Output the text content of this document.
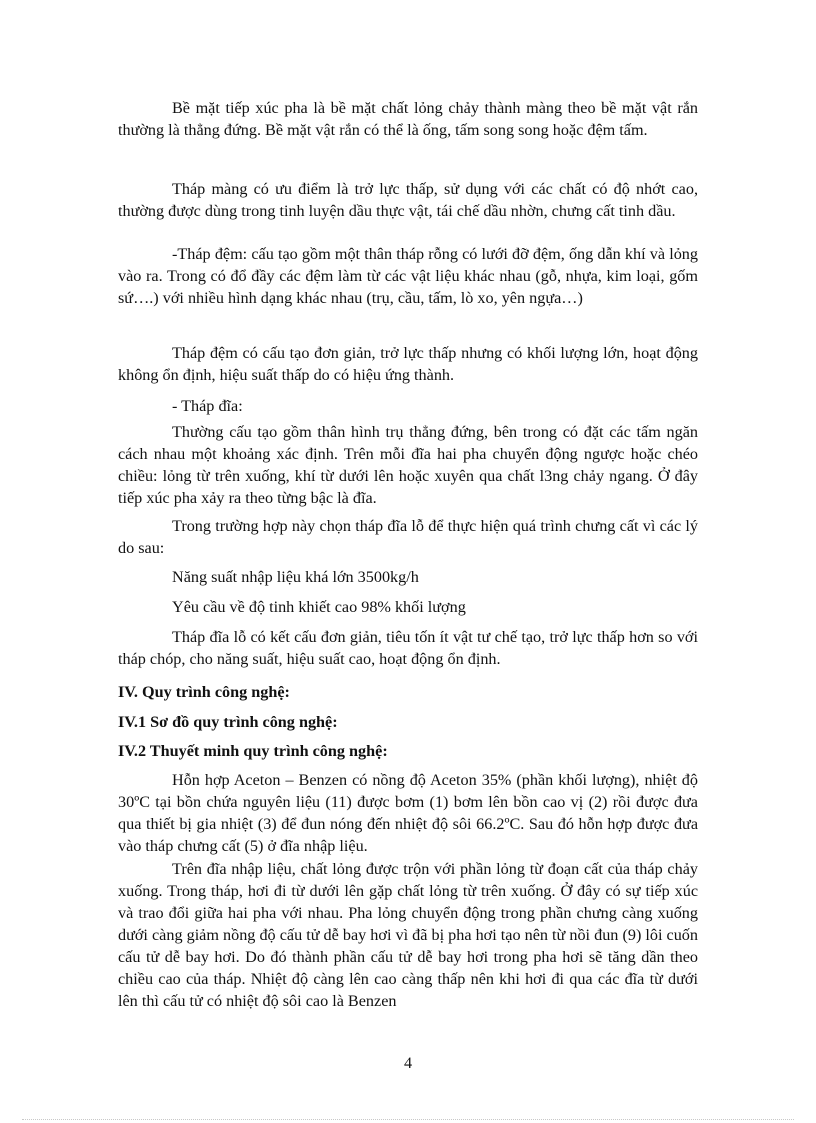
Bề mặt tiếp xúc pha là bề mặt chất lỏng chảy thành màng theo bề mặt vật rắn thường là thẳng đứng. Bề mặt vật rắn có thể là ống, tấm song song hoặc đệm tấm.

Tháp màng có ưu điểm là trở lực thấp, sử dụng với các chất có độ nhớt cao, thường được dùng trong tinh luyện dầu thực vật, tái chế dầu nhờn, chưng cất tinh dầu.

-Tháp đệm: cấu tạo gồm một thân tháp rỗng có lưới đỡ đệm, ống dẫn khí và lỏng vào ra. Trong có đổ đầy các đệm làm từ các vật liệu khác nhau (gỗ, nhựa, kim loại, gốm sứ….) với nhiều hình dạng khác nhau (trụ, cầu, tấm, lò xo, yên ngựa…)

Tháp đệm có cấu tạo đơn giản, trở lực thấp nhưng có khối lượng lớn, hoạt động không ổn định, hiệu suất thấp do có hiệu ứng thành.

- Tháp đĩa:

Thường cấu tạo gồm thân hình trụ thẳng đứng, bên trong có đặt các tấm ngăn cách nhau một khoảng xác định. Trên mỗi đĩa hai pha chuyển động ngược hoặc chéo chiều: lỏng từ trên xuống, khí từ dưới lên hoặc xuyên qua chất l3ng chảy ngang. Ở đây tiếp xúc pha xảy ra theo từng bậc là đĩa.

Trong trường hợp này chọn tháp đĩa lỗ để thực hiện quá trình chưng cất vì các lý do sau:

Năng suất nhập liệu khá lớn 3500kg/h

Yêu cầu về độ tinh khiết cao 98% khối lượng

Tháp đĩa lỗ có kết cấu đơn giản, tiêu tốn ít vật tư chế tạo, trở lực thấp hơn so với tháp chóp, cho năng suất, hiệu suất cao, hoạt động ổn định.

IV. Quy trình công nghệ:

IV.1 Sơ đồ quy trình công nghệ:

IV.2 Thuyết minh quy trình công nghệ:

Hỗn hợp Aceton – Benzen có nồng độ Aceton 35% (phần khối lượng), nhiệt độ 30ºC tại bồn chứa nguyên liệu (11) được bơm (1) bơm lên bồn cao vị (2) rồi được đưa qua thiết bị gia nhiệt (3) để đun nóng đến nhiệt độ sôi 66.2ºC. Sau đó hỗn hợp được đưa vào tháp chưng cất (5) ở đĩa nhập liệu.

Trên đĩa nhập liệu, chất lỏng được trộn với phần lỏng từ đoạn cất của tháp chảy xuống. Trong tháp, hơi đi từ dưới lên gặp chất lỏng từ trên xuống. Ở đây có sự tiếp xúc và trao đổi giữa hai pha với nhau. Pha lỏng chuyển động trong phần chưng càng xuống dưới càng giảm nồng độ cấu tử dễ bay hơi vì đã bị pha hơi tạo nên từ nồi đun (9) lôi cuốn cấu tử dễ bay hơi. Do đó thành phần cấu tử dễ bay hơi trong pha hơi sẽ tăng dần theo chiều cao của tháp. Nhiệt độ càng lên cao càng thấp nên khi hơi đi qua các đĩa từ dưới lên thì cấu tử có nhiệt độ sôi cao là Benzen

4
